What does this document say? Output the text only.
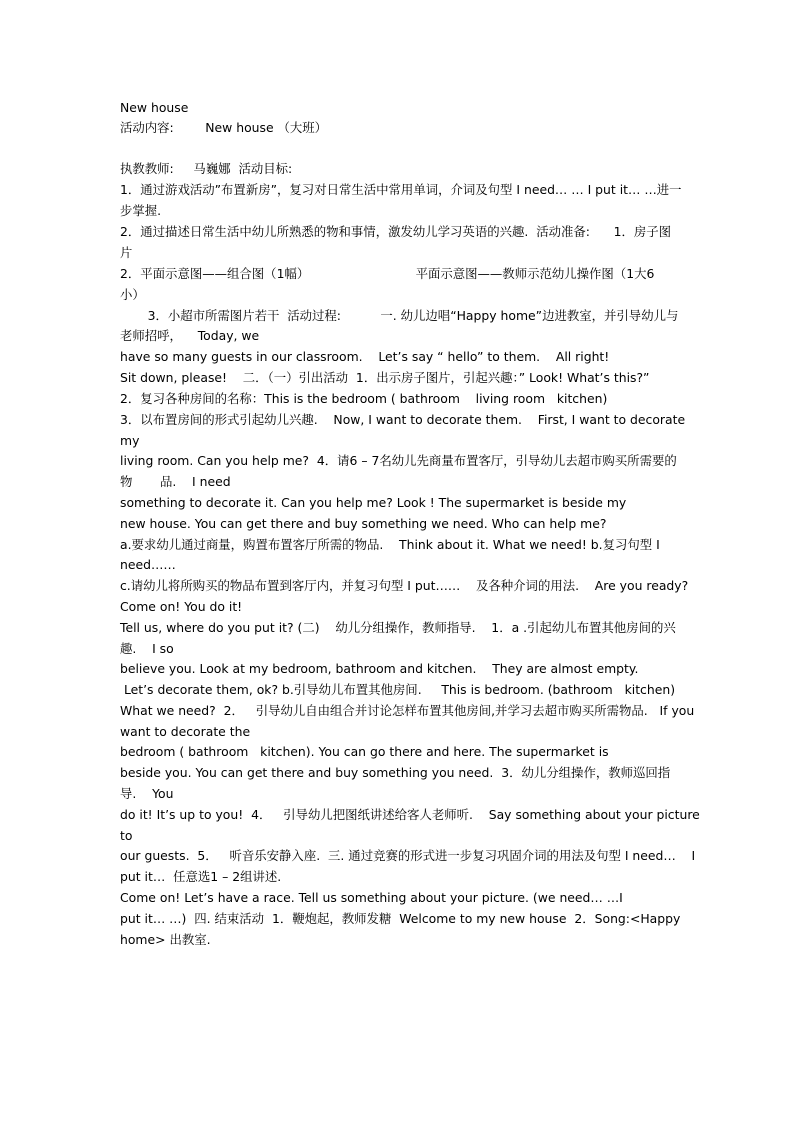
New house
活动内容:        New house （大班）
执教教师:     马巍娜  活动目标:
1．通过游戏活动”布置新房”，复习对日常生活中常用单词，介词及句型 I need… … I put it… …进一
步掌握.
2．通过描述日常生活中幼儿所熟悉的物和事情，激发幼儿学习英语的兴趣.  活动准备:      1．房子图
片
2．平面示意图——组合图（1幅）                           平面示意图——教师示范幼儿操作图（1大6
小）
3．小超市所需图片若干  活动过程:          一. 幼儿边唱“Happy home”边进教室，并引导幼儿与
老师招呼，    Today, we
have so many guests in our classroom.    Let’s say “ hello” to them.    All right!
Sit down, please!    二．（一）引出活动  1．出示房子图片，引起兴趣：” Look! What’s this?”
2．复习各种房间的名称：This is the bedroom ( bathroom    living room   kitchen)
3．以布置房间的形式引起幼儿兴趣.    Now, I want to decorate them.    First, I want to decorate
my
living room. Can you help me?  4．请6 – 7名幼儿先商量布置客厅，引导幼儿去超市购买所需要的
物       品.    I need
something to decorate it. Can you help me? Look ! The supermarket is beside my
new house. You can get there and buy something we need. Who can help me?
a.要求幼儿通过商量，购置布置客厅所需的物品.    Think about it. What we need! b.复习句型 I
need……
c.请幼儿将所购买的物品布置到客厅内，并复习句型 I put……    及各种介词的用法.    Are you ready?
Come on! You do it!
Tell us, where do you put it? (二)    幼儿分组操作，教师指导.    1．a .引起幼儿布置其他房间的兴
趣.    I so
believe you. Look at my bedroom, bathroom and kitchen.    They are almost empty.
Let’s decorate them, ok? b.引导幼儿布置其他房间.     This is bedroom. (bathroom   kitchen)
What we need?  2．   引导幼儿自由组合并讨论怎样布置其他房间,并学习去超市购买所需物品.   If you
want to decorate the
bedroom ( bathroom   kitchen). You can go there and here. The supermarket is
beside you. You can get there and buy something you need.  3．幼儿分组操作，教师巡回指
导.    You
do it! It’s up to you!  4．   引导幼儿把图纸讲述给客人老师听.    Say something about your picture
to
our guests.  5．   听音乐安静入座.  三. 通过竞赛的形式进一步复习巩固介词的用法及句型 I need…    I
put it…  任意选1 – 2组讲述.
Come on! Let’s have a race. Tell us something about your picture. (we need… …I
put it… …)  四. 结束活动  1．鞭炮起，教师发糖  Welcome to my new house  2．Song:<Happy
home> 出教室.
